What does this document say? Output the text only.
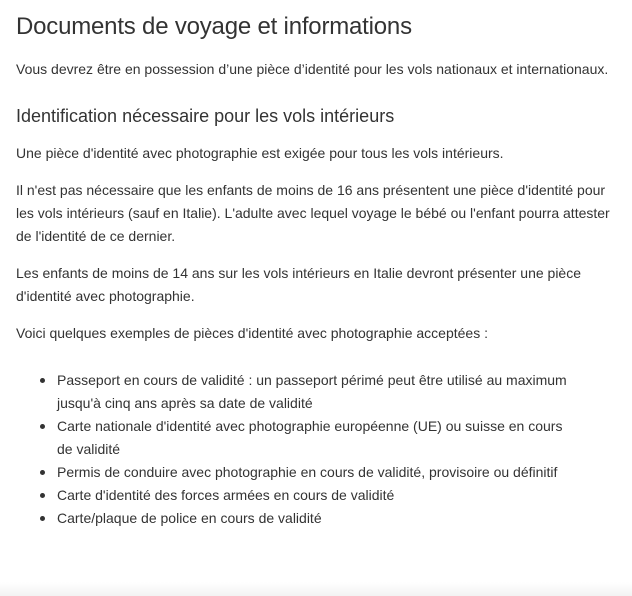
Documents de voyage et informations

Vous devrez être en possession d’une pièce d’identité pour les vols nationaux et internationaux.

Identification nécessaire pour les vols intérieurs

Une pièce d'identité avec photographie est exigée pour tous les vols intérieurs.

Il n'est pas nécessaire que les enfants de moins de 16 ans présentent une pièce d'identité pour les vols intérieurs (sauf en Italie). L'adulte avec lequel voyage le bébé ou l'enfant pourra attester de l'identité de ce dernier.

Les enfants de moins de 14 ans sur les vols intérieurs en Italie devront présenter une pièce d'identité avec photographie.

Voici quelques exemples de pièces d'identité avec photographie acceptées :

Passeport en cours de validité : un passeport périmé peut être utilisé au maximum jusqu'à cinq ans après sa date de validité
Carte nationale d'identité avec photographie européenne (UE) ou suisse en cours de validité
Permis de conduire avec photographie en cours de validité, provisoire ou définitif
Carte d'identité des forces armées en cours de validité
Carte/plaque de police en cours de validité
